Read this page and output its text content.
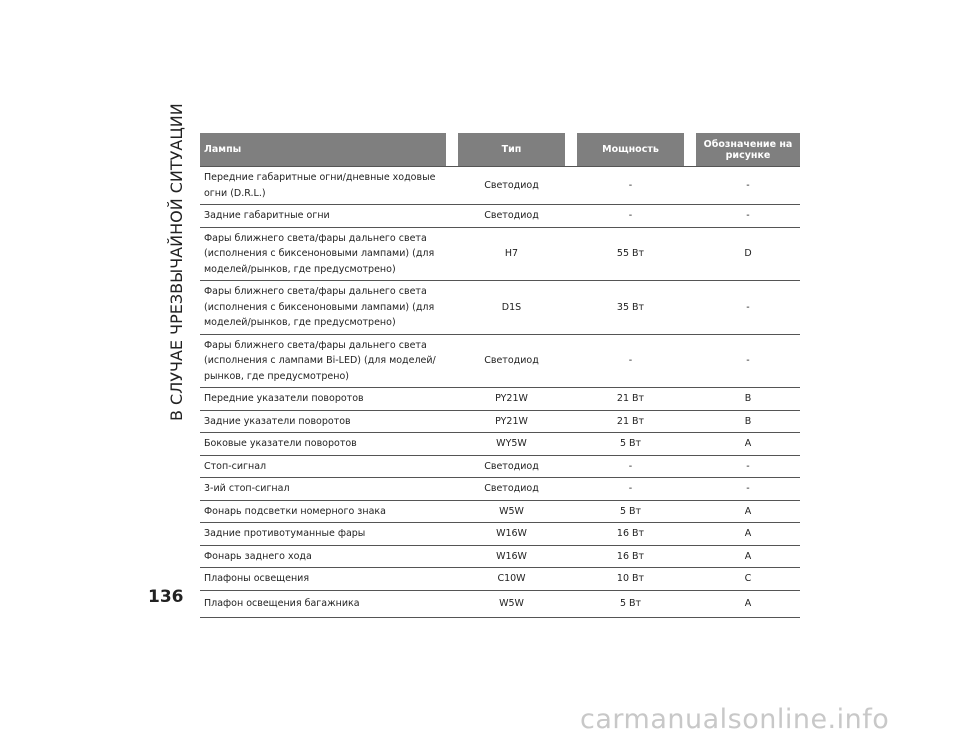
В СЛУЧАЕ ЧРЕЗВЫЧАЙНОЙ СИТУАЦИИ Лампы		Тип		Мощность		Обозначение на рисунке
Передние габаритные огни/дневные ходовые огни (D.R.L.)		Светодиод		-		-
Задние габаритные огни		Светодиод		-		-
Фары ближнего света/фары дальнего света (исполнения с биксеноновыми лампами) (для моделей/рынков, где предусмотрено)		H7		55 Вт		D
Фары ближнего света/фары дальнего света (исполнения с биксеноновыми лампами) (для моделей/рынков, где предусмотрено)		D1S		35 Вт		-
Фары ближнего света/фары дальнего света (исполнения с лампами Bi-LED) (для моделей/рынков, где предусмотрено)		Светодиод		-		-
Передние указатели поворотов		PY21W		21 Вт		B
Задние указатели поворотов		PY21W		21 Вт		B
Боковые указатели поворотов		WY5W		5 Вт		A
Стоп-сигнал		Светодиод		-		-
3-ий стоп-сигнал		Светодиод		-		-
Фонарь подсветки номерного знака		W5W		5 Вт		A
Задние противотуманные фары		W16W		16 Вт		A
Фонарь заднего хода		W16W		16 Вт		A
Плафоны освещения		C10W		10 Вт		C
Плафон освещения багажника		W5W		5 Вт		A
136
carmanualsonline.info
